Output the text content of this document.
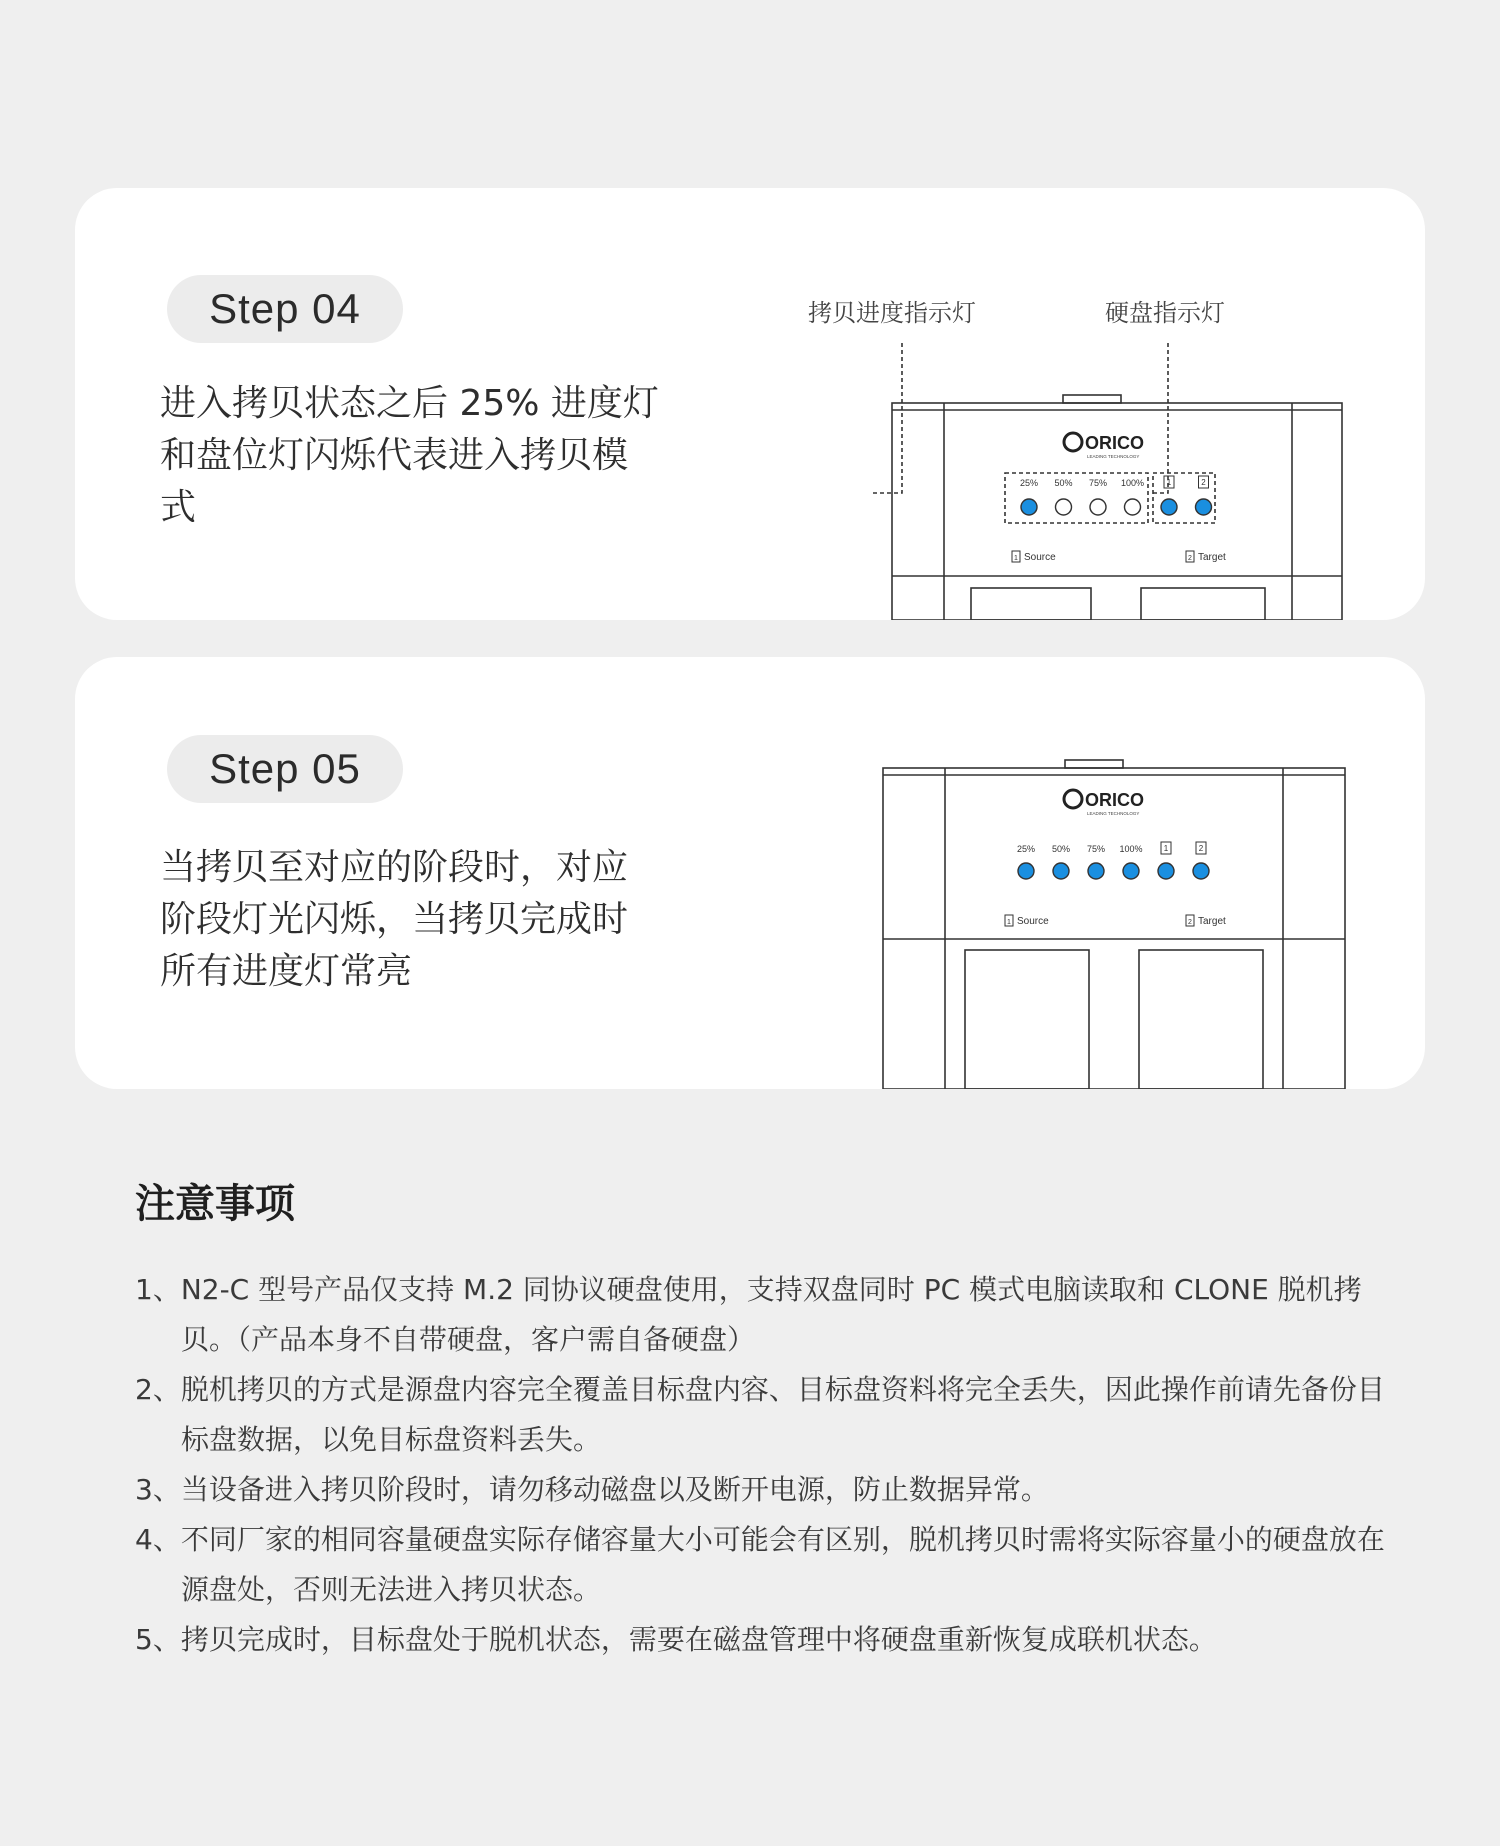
Step 04
进入拷贝状态之后 25% 进度灯和盘位灯闪烁代表进入拷贝模式
拷贝进度指示灯	硬盘指示灯
ORICO
LEADING TECHNOLOGY
25% 50% 75% 100%	1	2
1 Source	2 Target
Step 05
当拷贝至对应的阶段时，对应阶段灯光闪烁，当拷贝完成时所有进度灯常亮
ORICO
LEADING TECHNOLOGY
25% 50% 75% 100%	1	2
1 Source	2 Target
注意事项
1、N2-C 型号产品仅支持 M.2 同协议硬盘使用，支持双盘同时 PC 模式电脑读取和 CLONE 脱机拷贝。（产品本身不自带硬盘，客户需自备硬盘）
2、脱机拷贝的方式是源盘内容完全覆盖目标盘内容、目标盘资料将完全丢失，因此操作前请先备份目标盘数据，以免目标盘资料丢失。
3、当设备进入拷贝阶段时，请勿移动磁盘以及断开电源，防止数据异常。
4、不同厂家的相同容量硬盘实际存储容量大小可能会有区别，脱机拷贝时需将实际容量小的硬盘放在源盘处，否则无法进入拷贝状态。
5、拷贝完成时，目标盘处于脱机状态，需要在磁盘管理中将硬盘重新恢复成联机状态。
